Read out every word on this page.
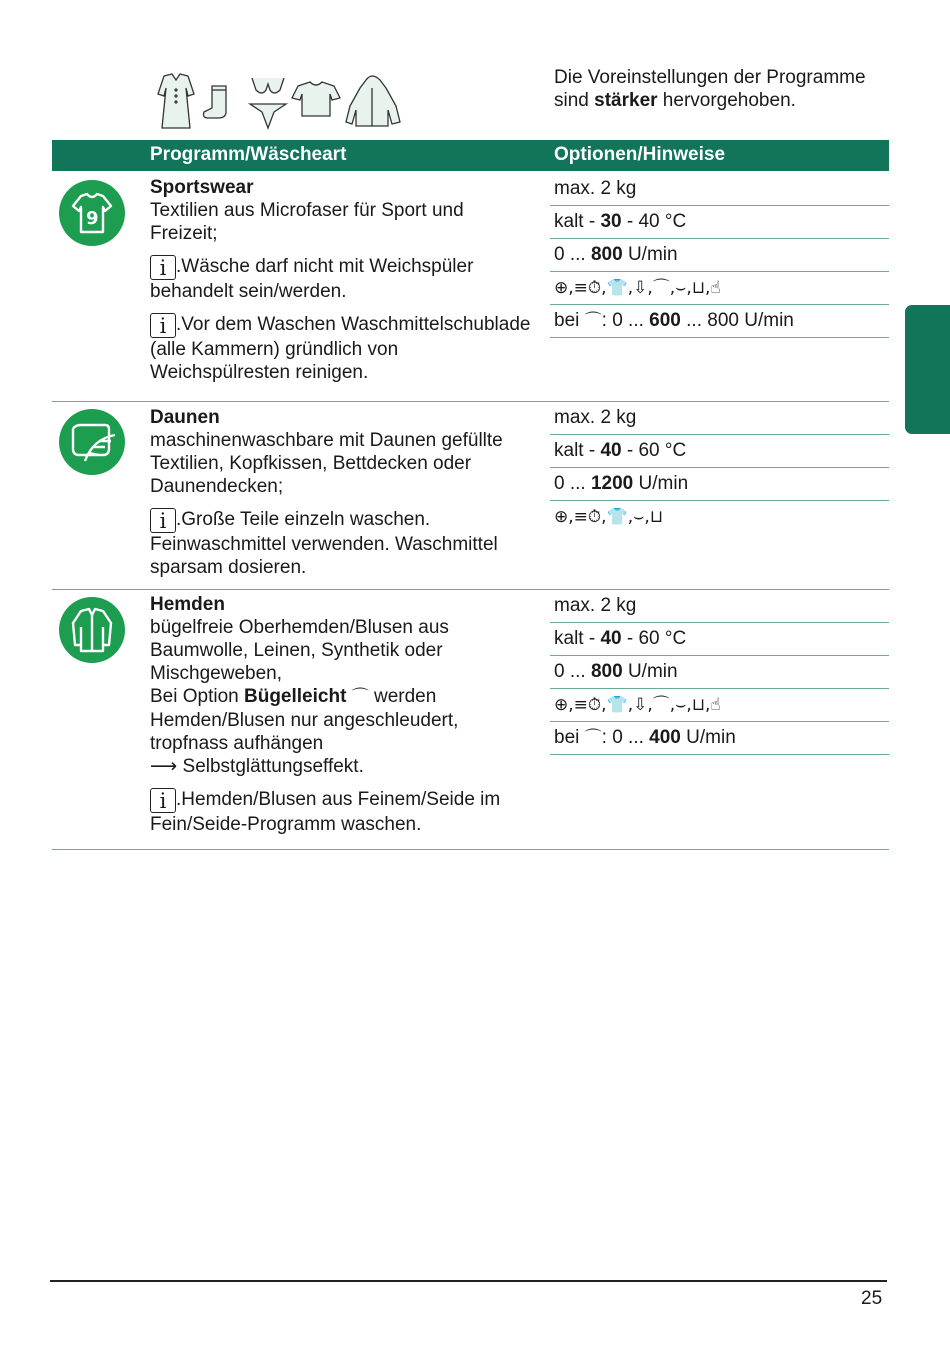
Die Voreinstellungen der Programme sind stärker hervorgehoben.
Programm/Wäscheart	Optionen/Hinweise
9

Sportswear

Textilien aus Microfaser für Sport und Freizeit;

i .Wäsche darf nicht mit Weichspüler behandelt sein/werden.

i .Vor dem Waschen Waschmittelschublade (alle Kammern) gründlich von Weichspülresten reinigen.

max. 2 kg
kalt - 30 - 40 °C
0 ... 800 U/min
⊕,≡⏱,👕,⇩,⌒,⌣,⊔,☝
bei ⌒: 0 ... 600 ... 800 U/min

Daunen

maschinenwaschbare mit Daunen gefüllte Textilien, Kopfkissen, Bettdecken oder Daunendecken;

i .Große Teile einzeln waschen. Feinwaschmittel verwenden. Waschmittel sparsam dosieren.

max. 2 kg
kalt - 40 - 60 °C
0 ... 1200 U/min
⊕,≡⏱,👕,⌣,⊔

Hemden

bügelfreie Oberhemden/Blusen aus Baumwolle, Leinen, Synthetik oder Mischgeweben,

Bei Option Bügelleicht ⌒ werden Hemden/Blusen nur angeschleudert, tropfnass aufhängen

⟶ Selbstglättungseffekt.

i .Hemden/Blusen aus Feinem/Seide im Fein/Seide-Programm waschen.

max. 2 kg
kalt - 40 - 60 °C
0 ... 800 U/min
⊕,≡⏱,👕,⇩,⌒,⌣,⊔,☝
bei ⌒: 0 ... 400 U/min
25
